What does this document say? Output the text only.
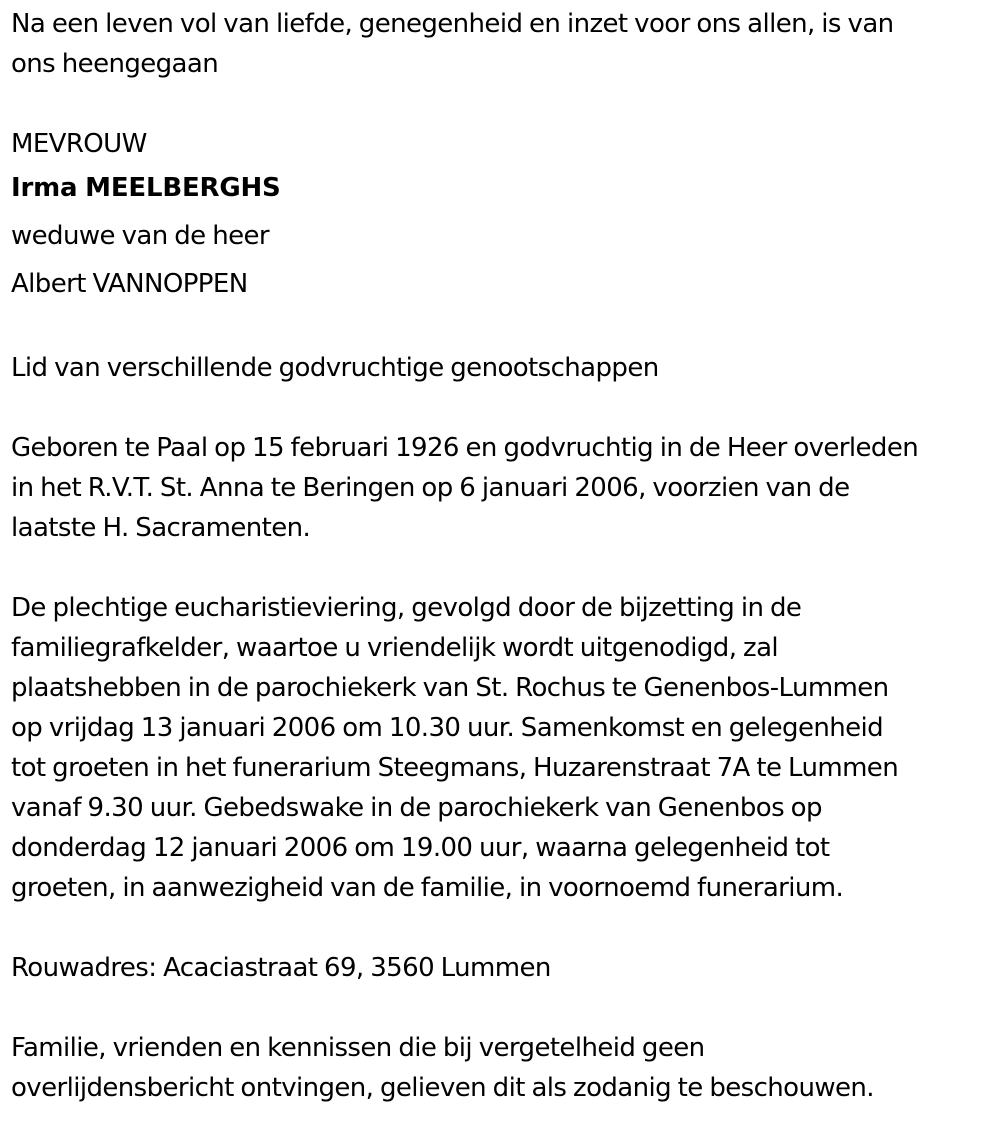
Na een leven vol van liefde, genegenheid en inzet voor ons allen, is van
ons heengegaan

MEVROUW

Irma MEELBERGHS

weduwe van de heer

Albert VANNOPPEN

Lid van verschillende godvruchtige genootschappen

Geboren te Paal op 15 februari 1926 en godvruchtig in de Heer overleden
in het R.V.T. St. Anna te Beringen op 6 januari 2006, voorzien van de
laatste H. Sacramenten.

De plechtige eucharistieviering, gevolgd door de bijzetting in de
familiegrafkelder, waartoe u vriendelijk wordt uitgenodigd, zal
plaatshebben in de parochiekerk van St. Rochus te Genenbos-Lummen
op vrijdag 13 januari 2006 om 10.30 uur. Samenkomst en gelegenheid
tot groeten in het funerarium Steegmans, Huzarenstraat 7A te Lummen
vanaf 9.30 uur. Gebedswake in de parochiekerk van Genenbos op
donderdag 12 januari 2006 om 19.00 uur, waarna gelegenheid tot
groeten, in aanwezigheid van de familie, in voornoemd funerarium.

Rouwadres: Acaciastraat 69, 3560 Lummen

Familie, vrienden en kennissen die bij vergetelheid geen
overlijdensbericht ontvingen, gelieven dit als zodanig te beschouwen.
